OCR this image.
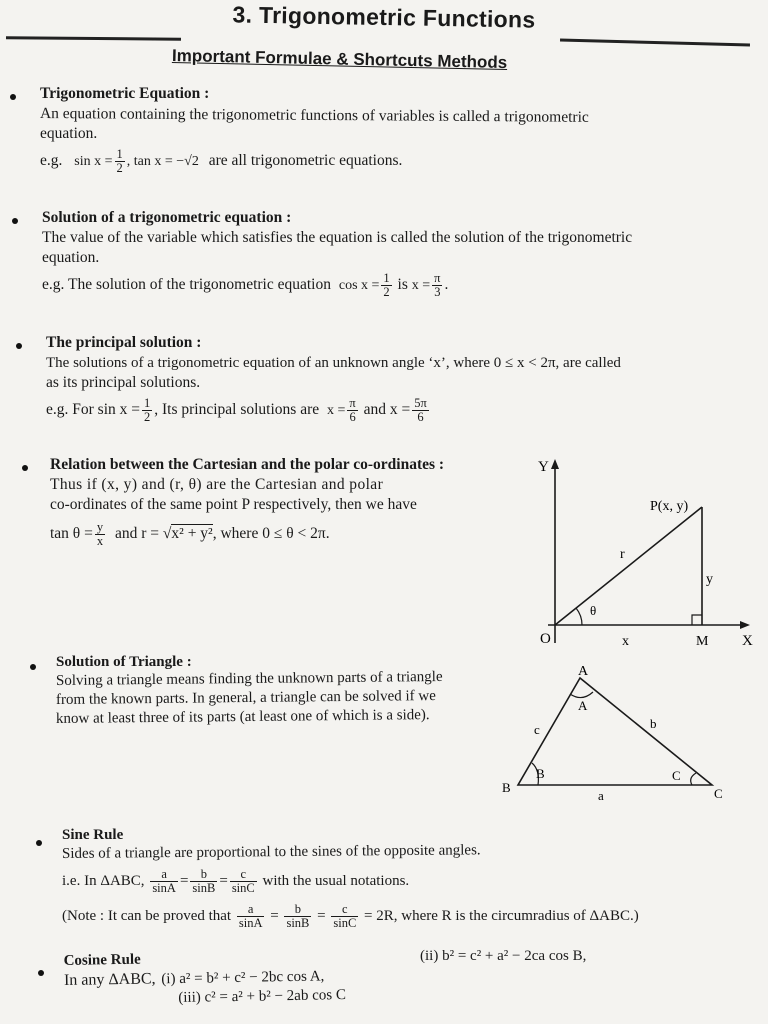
3. Trigonometric Functions
Important Formulae & Shortcuts Methods
Trigonometric Equation :
An equation containing the trigonometric functions of variables is called a trigonometric
equation.
e.g. $\sin x = \frac{1}{2}$ , tan x = −√2 are all trigonometric equations.
Solution of a trigonometric equation :
The value of the variable which satisfies the equation is called the solution of the trigonometric
equation.
e.g. The solution of the trigonometric equation $\cos x = \frac{1}{2}$ is $x = \frac{\pi}{3}$ .
The principal solution :
The solutions of a trigonometric equation of an unknown angle ‘x’, where 0 ≤ x < 2π, are called
as its principal solutions.
e.g. For $\sin x = \frac{1}{2}$ , Its principal solutions are $x = \frac{\pi}{6}$ and $x = \frac{5\pi}{6}$
Relation between the Cartesian and the polar co-ordinates :
Thus if (x, y) and (r, θ) are the Cartesian and polar
co-ordinates of the same point P respectively, then we have
$\tan \theta = \frac{y}{x}$ and r = √x² + y², where 0 ≤ θ < 2π.
Y
X
O
P(x, y)
r
y
x	M
θ
Solution of Triangle :
Solving a triangle means finding the unknown parts of a triangle
from the known parts. In general, a triangle can be solved if we
know at least three of its parts (at least one of which is a side).
A
A
B
B
C
C
a
b
c
Sine Rule
Sides of a triangle are proportional to the sines of the opposite angles.
i.e. In ΔABC, $\frac{a}{\sin A} = \frac{b}{\sin B} = \frac{c}{\sin C}$ with the usual notations.
(Note : It can be proved that $\frac{a}{\sin A} = \frac{b}{\sin B} = \frac{c}{\sin C} = 2R$, where R is the circumradius of ΔABC.)
Cosine Rule
In any ΔABC, (i) a² = b² + c² − 2bc cos A,
(iii) c² = a² + b² − 2ab cos C
(ii) b² = c² + a² − 2ca cos B,
